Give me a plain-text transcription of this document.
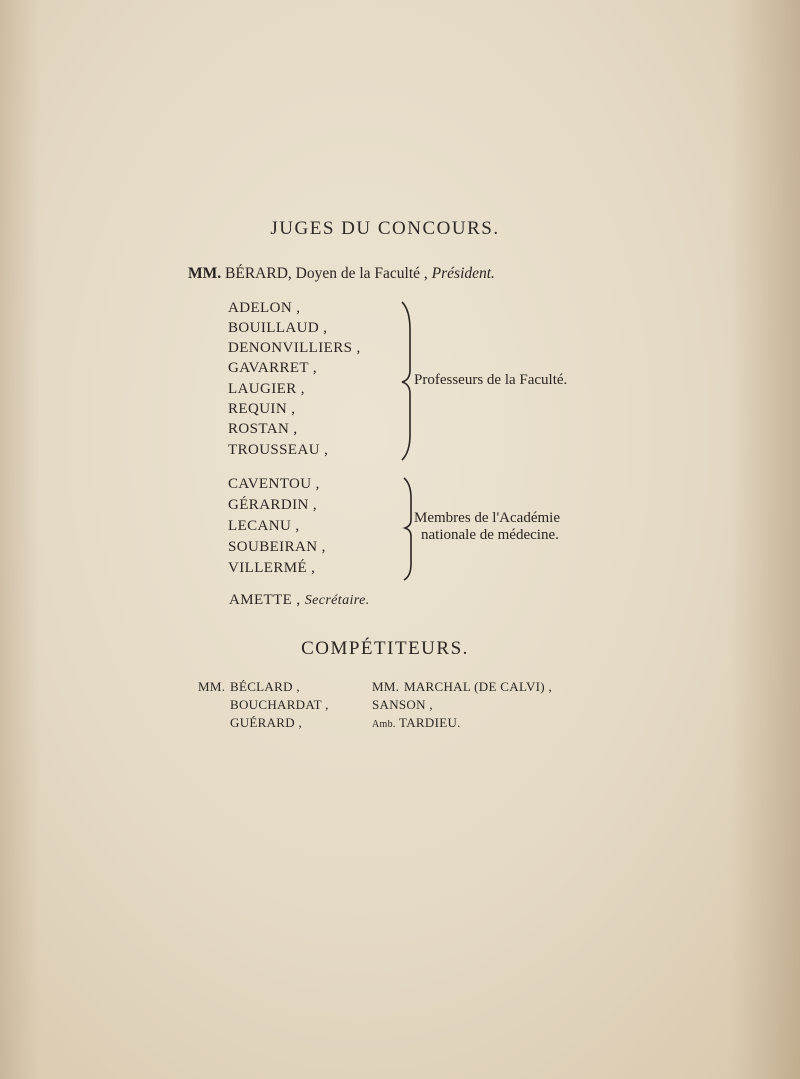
JUGES DU CONCOURS.
MM. BÉRARD, Doyen de la Faculté , Président.
ADELON ,
BOUILLAUD ,
DENONVILLIERS ,
GAVARRET ,
LAUGIER ,
REQUIN ,
ROSTAN ,
TROUSSEAU ,
Professeurs de la Faculté.
CAVENTOU ,
GÉRARDIN ,
LECANU ,
SOUBEIRAN ,
VILLERMÉ ,
Membres de l'Académie
nationale de médecine.
AMETTE , Secrétaire.
COMPÉTITEURS.
MM. BÉCLARD ,
BOUCHARDAT ,
GUÉRARD ,
MM. MARCHAL (DE CALVI) ,
SANSON ,
Amb. TARDIEU.
